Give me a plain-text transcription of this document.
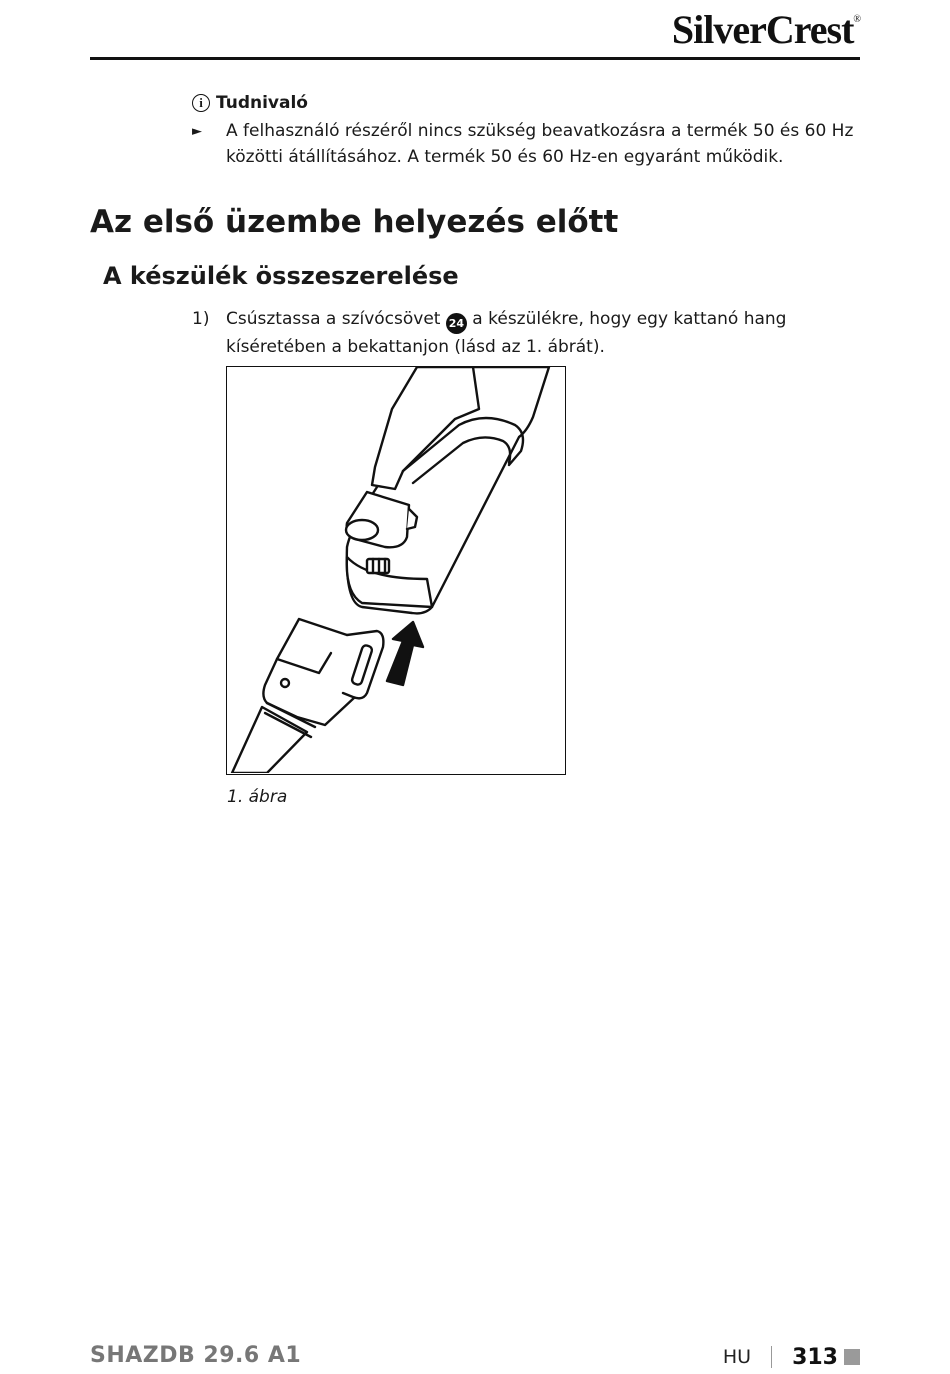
SilverCrest®
i Tudnivaló
►	A felhasználó részéről nincs szükség beavatkozásra a termék 50 és 60 Hz közötti átállításához. A termék 50 és 60 Hz-en egyaránt működik.
Az első üzembe helyezés előtt
A készülék összeszerelése
1) Csúsztassa a szívócsövet 24 a készülékre, hogy egy kattanó hang kíséretében a bekattanjon (lásd az 1. ábrát).
1. ábra
SHAZDB 29.6 A1	HU 313
